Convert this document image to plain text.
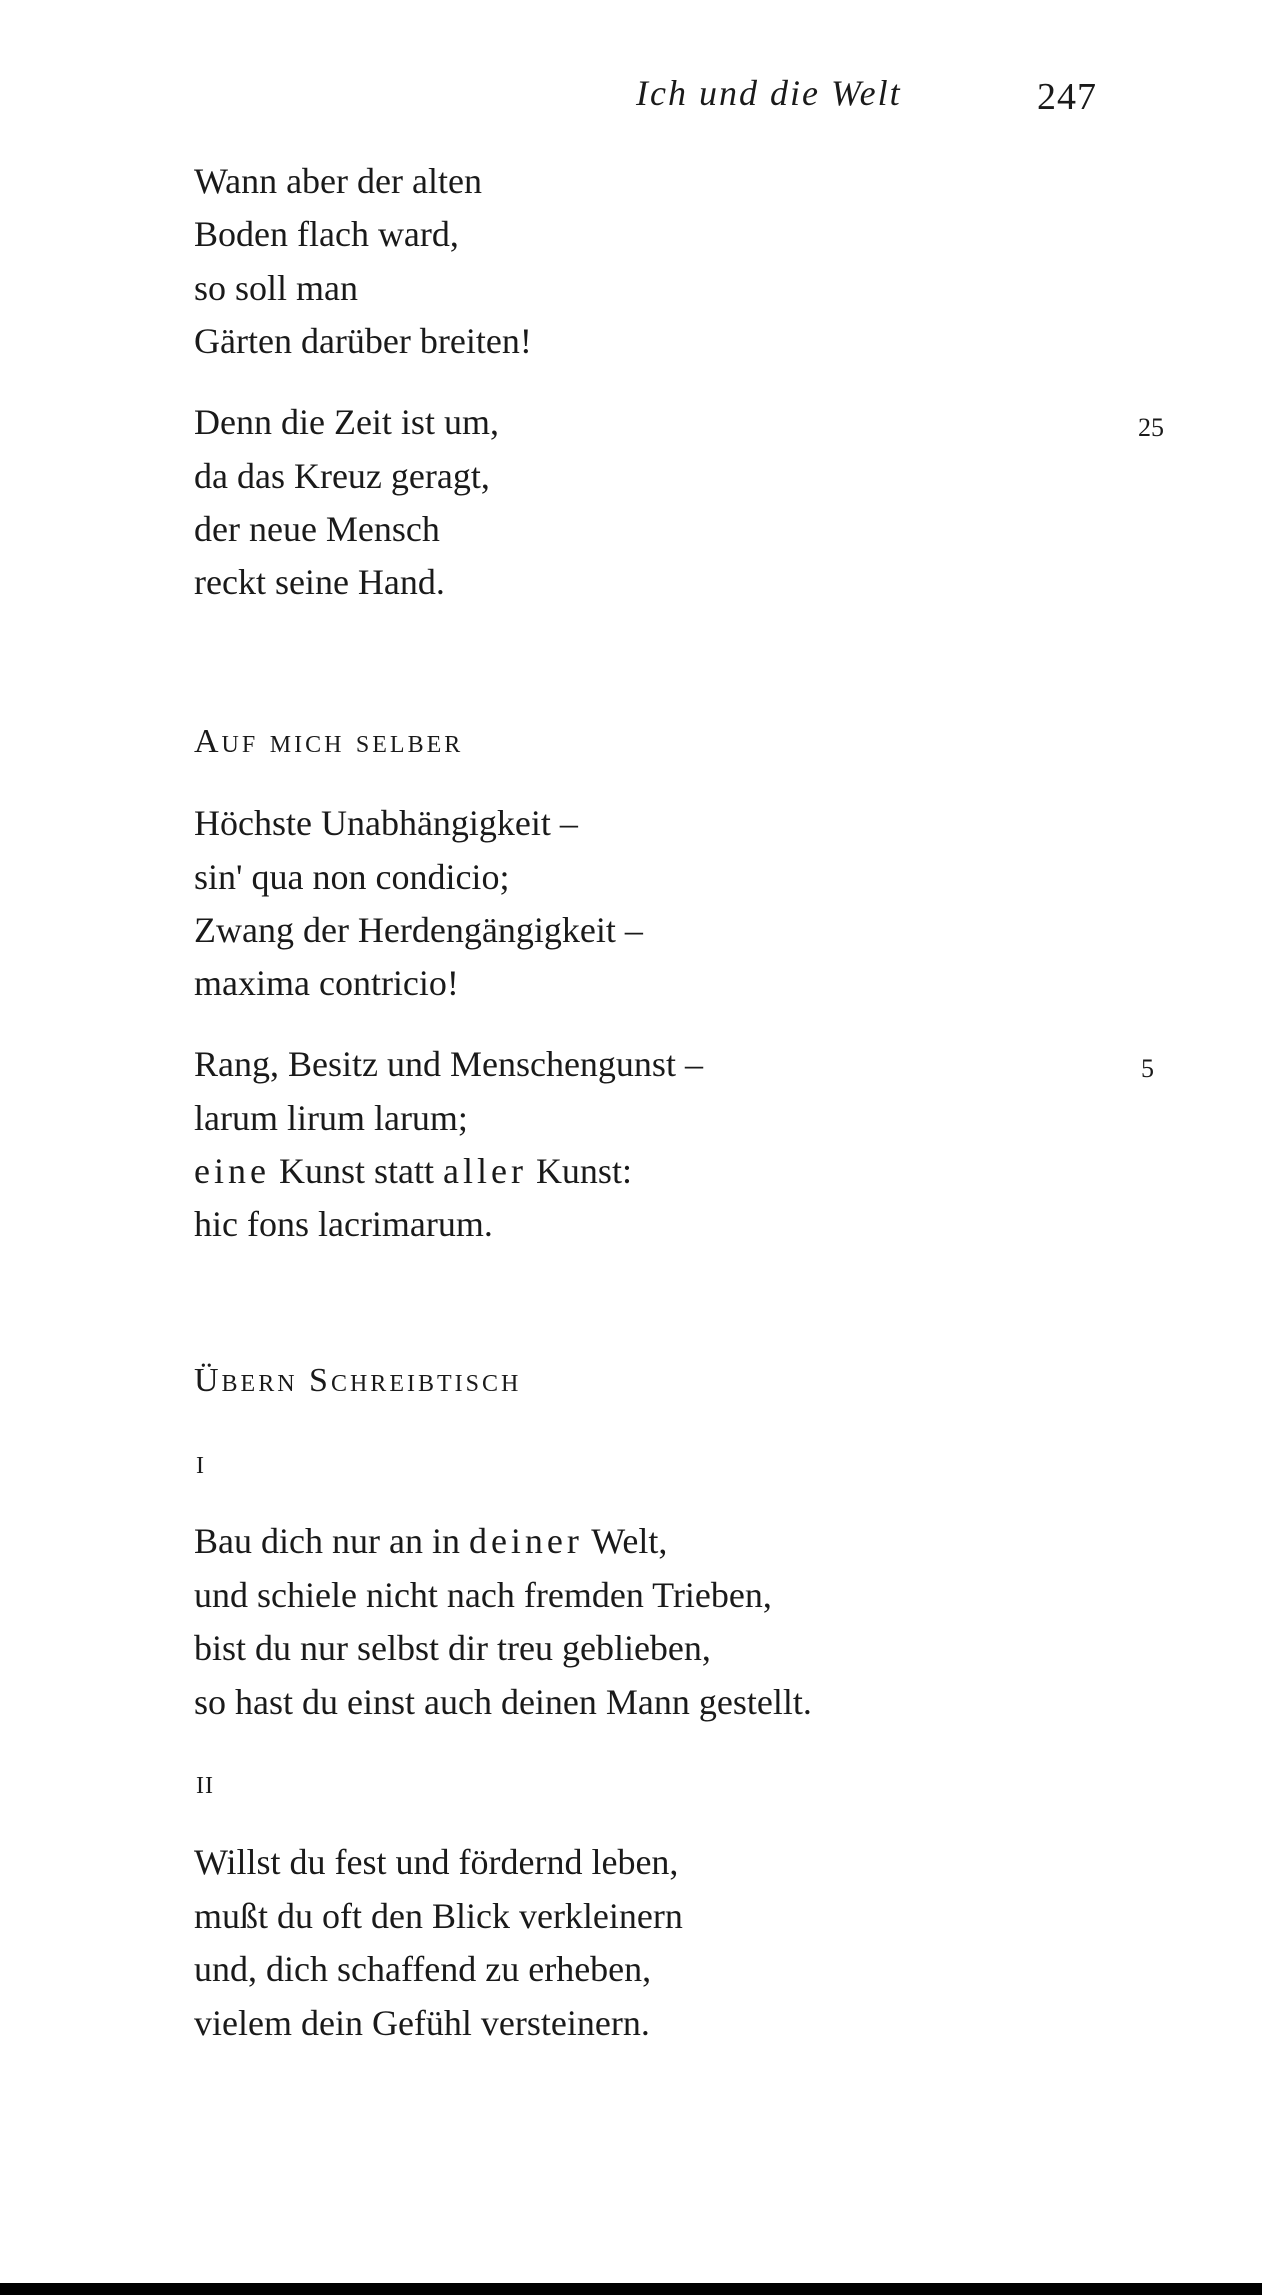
Ich und die Welt	247
Wann aber der alten
Boden flach ward,
so soll man
Gärten darüber breiten!
Denn die Zeit ist um,
da das Kreuz geragt,
der neue Mensch
reckt seine Hand.
25
Auf mich selber
Höchste Unabhängigkeit –
sin' qua non condicio;
Zwang der Herdengängigkeit –
maxima contricio!
Rang, Besitz und Menschengunst –
larum lirum larum;
eine Kunst statt aller Kunst:
hic fons lacrimarum.
5
Übern Schreibtisch
I
Bau dich nur an in deiner Welt,
und schiele nicht nach fremden Trieben,
bist du nur selbst dir treu geblieben,
so hast du einst auch deinen Mann gestellt.
II
Willst du fest und fördernd leben,
mußt du oft den Blick verkleinern
und, dich schaffend zu erheben,
vielem dein Gefühl versteinern.
